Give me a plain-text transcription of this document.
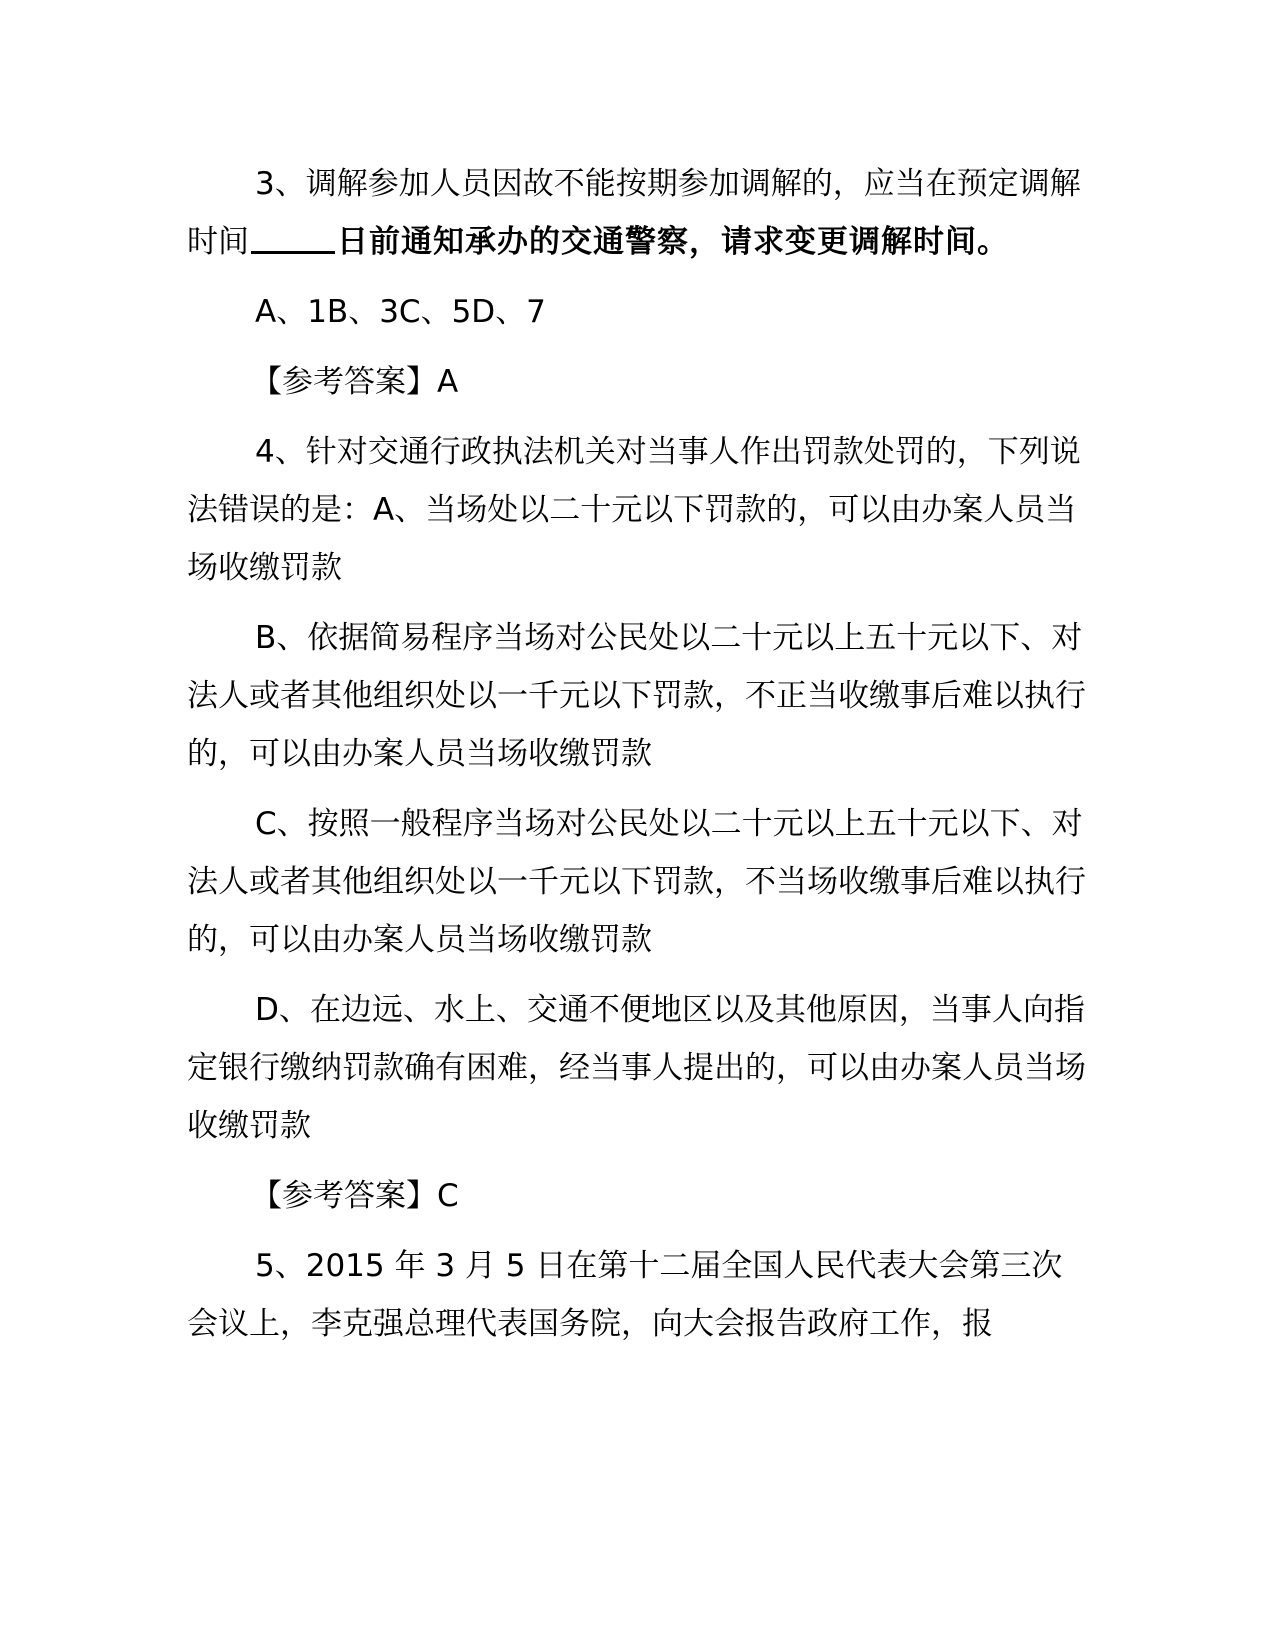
3、调解参加人员因故不能按期参加调解的，应当在预定调解时间	日前通知承办的交通警察，请求变更调解时间。

A、1B、3C、5D、7

【参考答案】A

4、针对交通行政执法机关对当事人作出罚款处罚的，下列说法错误的是：A、当场处以二十元以下罚款的，可以由办案人员当场收缴罚款

B、依据简易程序当场对公民处以二十元以上五十元以下、对法人或者其他组织处以一千元以下罚款，不正当收缴事后难以执行的，可以由办案人员当场收缴罚款

C、按照一般程序当场对公民处以二十元以上五十元以下、对法人或者其他组织处以一千元以下罚款，不当场收缴事后难以执行的，可以由办案人员当场收缴罚款

D、在边远、水上、交通不便地区以及其他原因，当事人向指定银行缴纳罚款确有困难，经当事人提出的，可以由办案人员当场收缴罚款

【参考答案】C

5、2015 年 3 月 5 日在第十二届全国人民代表大会第三次会议上，李克强总理代表国务院，向大会报告政府工作，报
